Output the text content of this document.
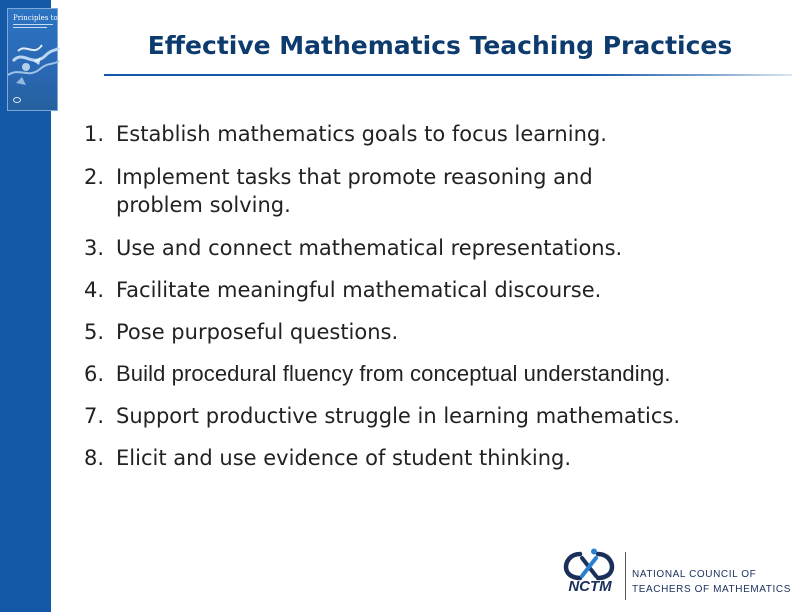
Principles to Actions
Effective Mathematics Teaching Practices
1. Establish mathematics goals to focus learning.
2. Implement tasks that promote reasoning and problem solving.
3. Use and connect mathematical representations.
4. Facilitate meaningful mathematical discourse.
5. Pose purposeful questions.
6. Build procedural fluency from conceptual understanding.
7. Support productive struggle in learning mathematics.
8. Elicit and use evidence of student thinking.
NCTM
NATIONAL COUNCIL OF
TEACHERS OF MATHEMATICS
